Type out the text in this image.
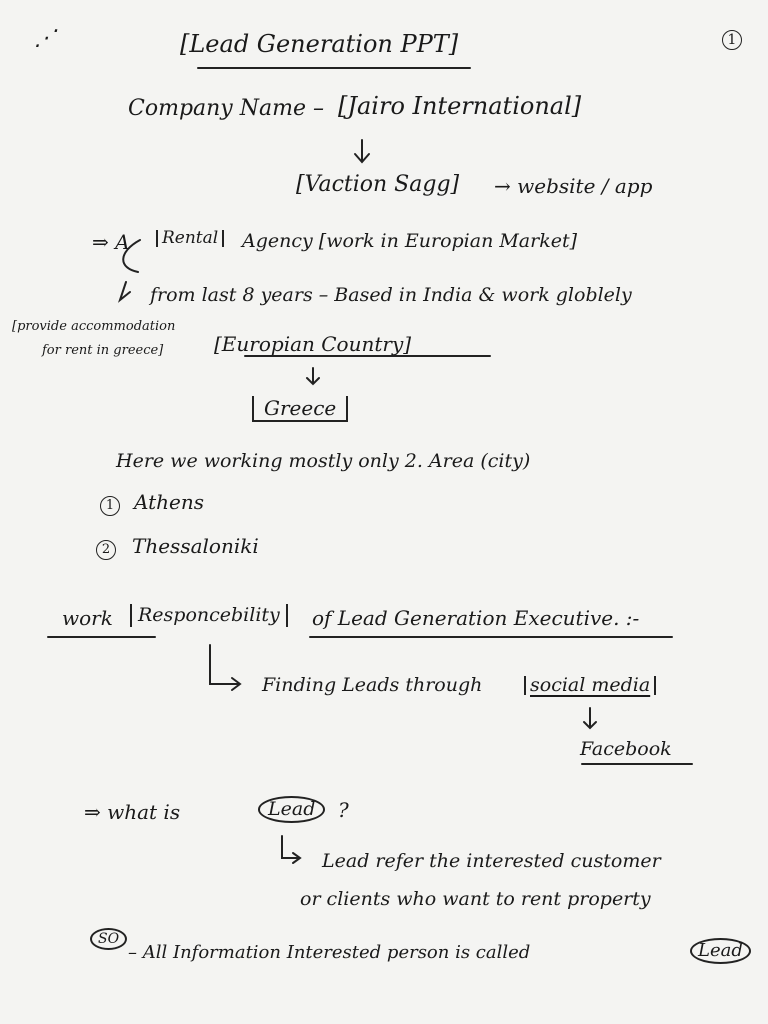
1
⋰	[Lead Generation PPT]
Company Name – [Jairo International]
[Vaction Sagg] → website / app
⇒ A	Rental	Agency [work in Europian Market]
from last 8 years – Based in India & work globlely
[provide accommodation
for rent in greece]	[Europian Country]
Greece
Here we working mostly only 2. Area (city)
1 Athens
2 Thessaloniki
work	Responcebility	of Lead Generation Executive. :-
Finding Leads through	social media
Facebook
⇒ what is	Lead	?
Lead refer the interested customer
or clients who want to rent property
SO
– All Information Interested person is called	Lead
